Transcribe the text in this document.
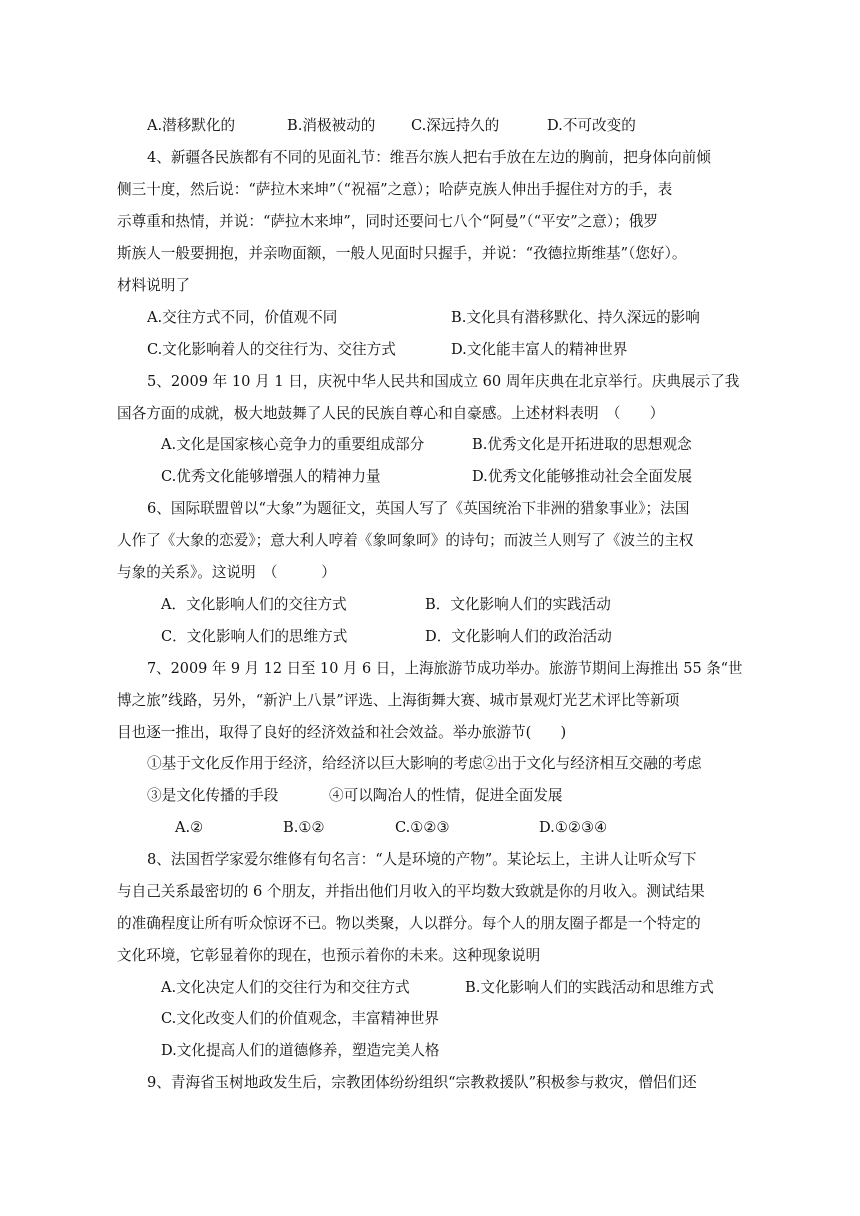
A.潜移默化的	B.消极被动的 C.深远持久的	D.不可改变的
4、新疆各民族都有不同的见面礼节：维吾尔族人把右手放在左边的胸前，把身体向前倾
侧三十度，然后说：“萨拉木来坤”（“祝福”之意）；哈萨克族人伸出手握住对方的手，表
示尊重和热情，并说：“萨拉木来坤”，同时还要问七八个“阿曼”（“平安”之意）；俄罗
斯族人一般要拥抱，并亲吻面额，一般人见面时只握手，并说：“孜德拉斯维基”（您好）。
材料说明了
A.交往方式不同，价值观不同	B.文化具有潜移默化、持久深远的影响
C.文化影响着人的交往行为、交往方式	D.文化能丰富人的精神世界
5、2009 年 10 月 1 日，庆祝中华人民共和国成立 60 周年庆典在北京举行。庆典展示了我
国各方面的成就，极大地鼓舞了人民的民族自尊心和自豪感。上述材料表明　（　　）
A.文化是国家核心竞争力的重要组成部分	B.优秀文化是开拓进取的思想观念
C.优秀文化能够增强人的精神力量	D.优秀文化能够推动社会全面发展
6、国际联盟曾以“大象”为题征文，英国人写了《英国统治下非洲的猎象事业》；法国
人作了《大象的恋爱》；意大利人哼着《象呵象呵》的诗句；而波兰人则写了《波兰的主权
与象的关系》。这说明　（　　　）
A．文化影响人们的交往方式	B．文化影响人们的实践活动
C．文化影响人们的思维方式	D．文化影响人们的政治活动
7、2009 年 9 月 12 日至 10 月 6 日，上海旅游节成功举办。旅游节期间上海推出 55 条“世
博之旅”线路，另外，“新沪上八景”评选、上海街舞大赛、城市景观灯光艺术评比等新项
目也逐一推出，取得了良好的经济效益和社会效益。举办旅游节(　　)
①基于文化反作用于经济，给经济以巨大影响的考虑②出于文化与经济相互交融的考虑
③是文化传播的手段	④可以陶冶人的性情，促进全面发展
A.②	B.①②	C.①②③	D.①②③④
8、法国哲学家爱尔维修有句名言：“人是环境的产物”。某论坛上，主讲人让听众写下
与自己关系最密切的 6 个朋友，并指出他们月收入的平均数大致就是你的月收入。测试结果
的准确程度让所有听众惊讶不已。物以类聚，人以群分。每个人的朋友圈子都是一个特定的
文化环境，它彰显着你的现在，也预示着你的未来。这种现象说明
A.文化决定人们的交往行为和交往方式	B.文化影响人们的实践活动和思维方式
C.文化改变人们的价值观念，丰富精神世界
D.文化提高人们的道德修养，塑造完美人格
9、青海省玉树地政发生后，宗教团体纷纷组织“宗教救援队”积极参与救灾，僧侣们还
